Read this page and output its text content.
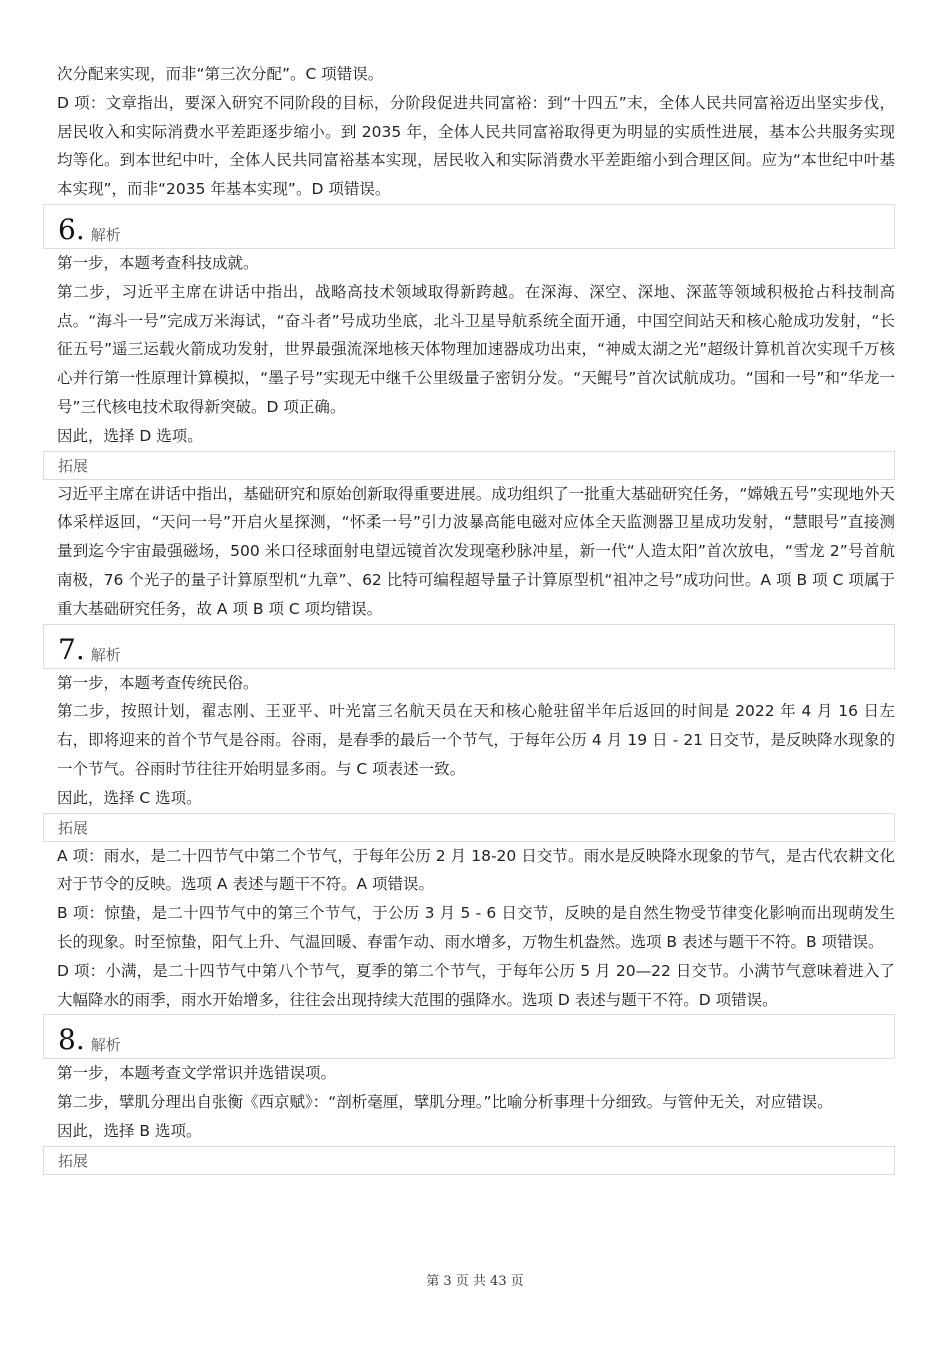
次分配来实现，而非“第三次分配”。C 项错误。

D 项：文章指出，要深入研究不同阶段的目标，分阶段促进共同富裕：到“十四五”末，全体人民共同富裕迈出坚实步伐，居民收入和实际消费水平差距逐步缩小。到 2035 年，全体人民共同富裕取得更为明显的实质性进展，基本公共服务实现均等化。到本世纪中叶，全体人民共同富裕基本实现，居民收入和实际消费水平差距缩小到合理区间。应为“本世纪中叶基本实现”，而非“2035 年基本实现”。D 项错误。

6. 解析

第一步，本题考查科技成就。

第二步，习近平主席在讲话中指出，战略高技术领域取得新跨越。在深海、深空、深地、深蓝等领域积极抢占科技制高点。“海斗一号”完成万米海试，“奋斗者”号成功坐底，北斗卫星导航系统全面开通，中国空间站天和核心舱成功发射，“长征五号”遥三运载火箭成功发射，世界最强流深地核天体物理加速器成功出束，“神威太湖之光”超级计算机首次实现千万核心并行第一性原理计算模拟，“墨子号”实现无中继千公里级量子密钥分发。“天鲲号”首次试航成功。“国和一号”和“华龙一号”三代核电技术取得新突破。D 项正确。

因此，选择 D 选项。

拓展

习近平主席在讲话中指出，基础研究和原始创新取得重要进展。成功组织了一批重大基础研究任务，“嫦娥五号”实现地外天体采样返回，“天问一号”开启火星探测，“怀柔一号”引力波暴高能电磁对应体全天监测器卫星成功发射，“慧眼号”直接测量到迄今宇宙最强磁场，500 米口径球面射电望远镜首次发现毫秒脉冲星，新一代“人造太阳”首次放电，“雪龙 2”号首航南极，76 个光子的量子计算原型机“九章”、62 比特可编程超导量子计算原型机“祖冲之号”成功问世。A 项 B 项 C 项属于重大基础研究任务，故 A 项 B 项 C 项均错误。

7. 解析

第一步，本题考查传统民俗。

第二步，按照计划，翟志刚、王亚平、叶光富三名航天员在天和核心舱驻留半年后返回的时间是 2022 年 4 月 16 日左右，即将迎来的首个节气是谷雨。谷雨，是春季的最后一个节气，于每年公历 4 月 19 日 - 21 日交节，是反映降水现象的一个节气。谷雨时节往往开始明显多雨。与 C 项表述一致。

因此，选择 C 选项。

拓展

A 项：雨水，是二十四节气中第二个节气，于每年公历 2 月 18-20 日交节。雨水是反映降水现象的节气，是古代农耕文化对于节令的反映。选项 A 表述与题干不符。A 项错误。

B 项：惊蛰，是二十四节气中的第三个节气，于公历 3 月 5 - 6 日交节，反映的是自然生物受节律变化影响而出现萌发生长的现象。时至惊蛰，阳气上升、气温回暖、春雷乍动、雨水增多，万物生机盎然。选项 B 表述与题干不符。B 项错误。

D 项：小满，是二十四节气中第八个节气，夏季的第二个节气，于每年公历 5 月 20—22 日交节。小满节气意味着进入了大幅降水的雨季，雨水开始增多，往往会出现持续大范围的强降水。选项 D 表述与题干不符。D 项错误。

8. 解析

第一步，本题考查文学常识并选错误项。

第二步，擘肌分理出自张衡《西京赋》：“剖析毫厘，擘肌分理。”比喻分析事理十分细致。与管仲无关，对应错误。

因此，选择 B 选项。

拓展
第 3 页 共 43 页
